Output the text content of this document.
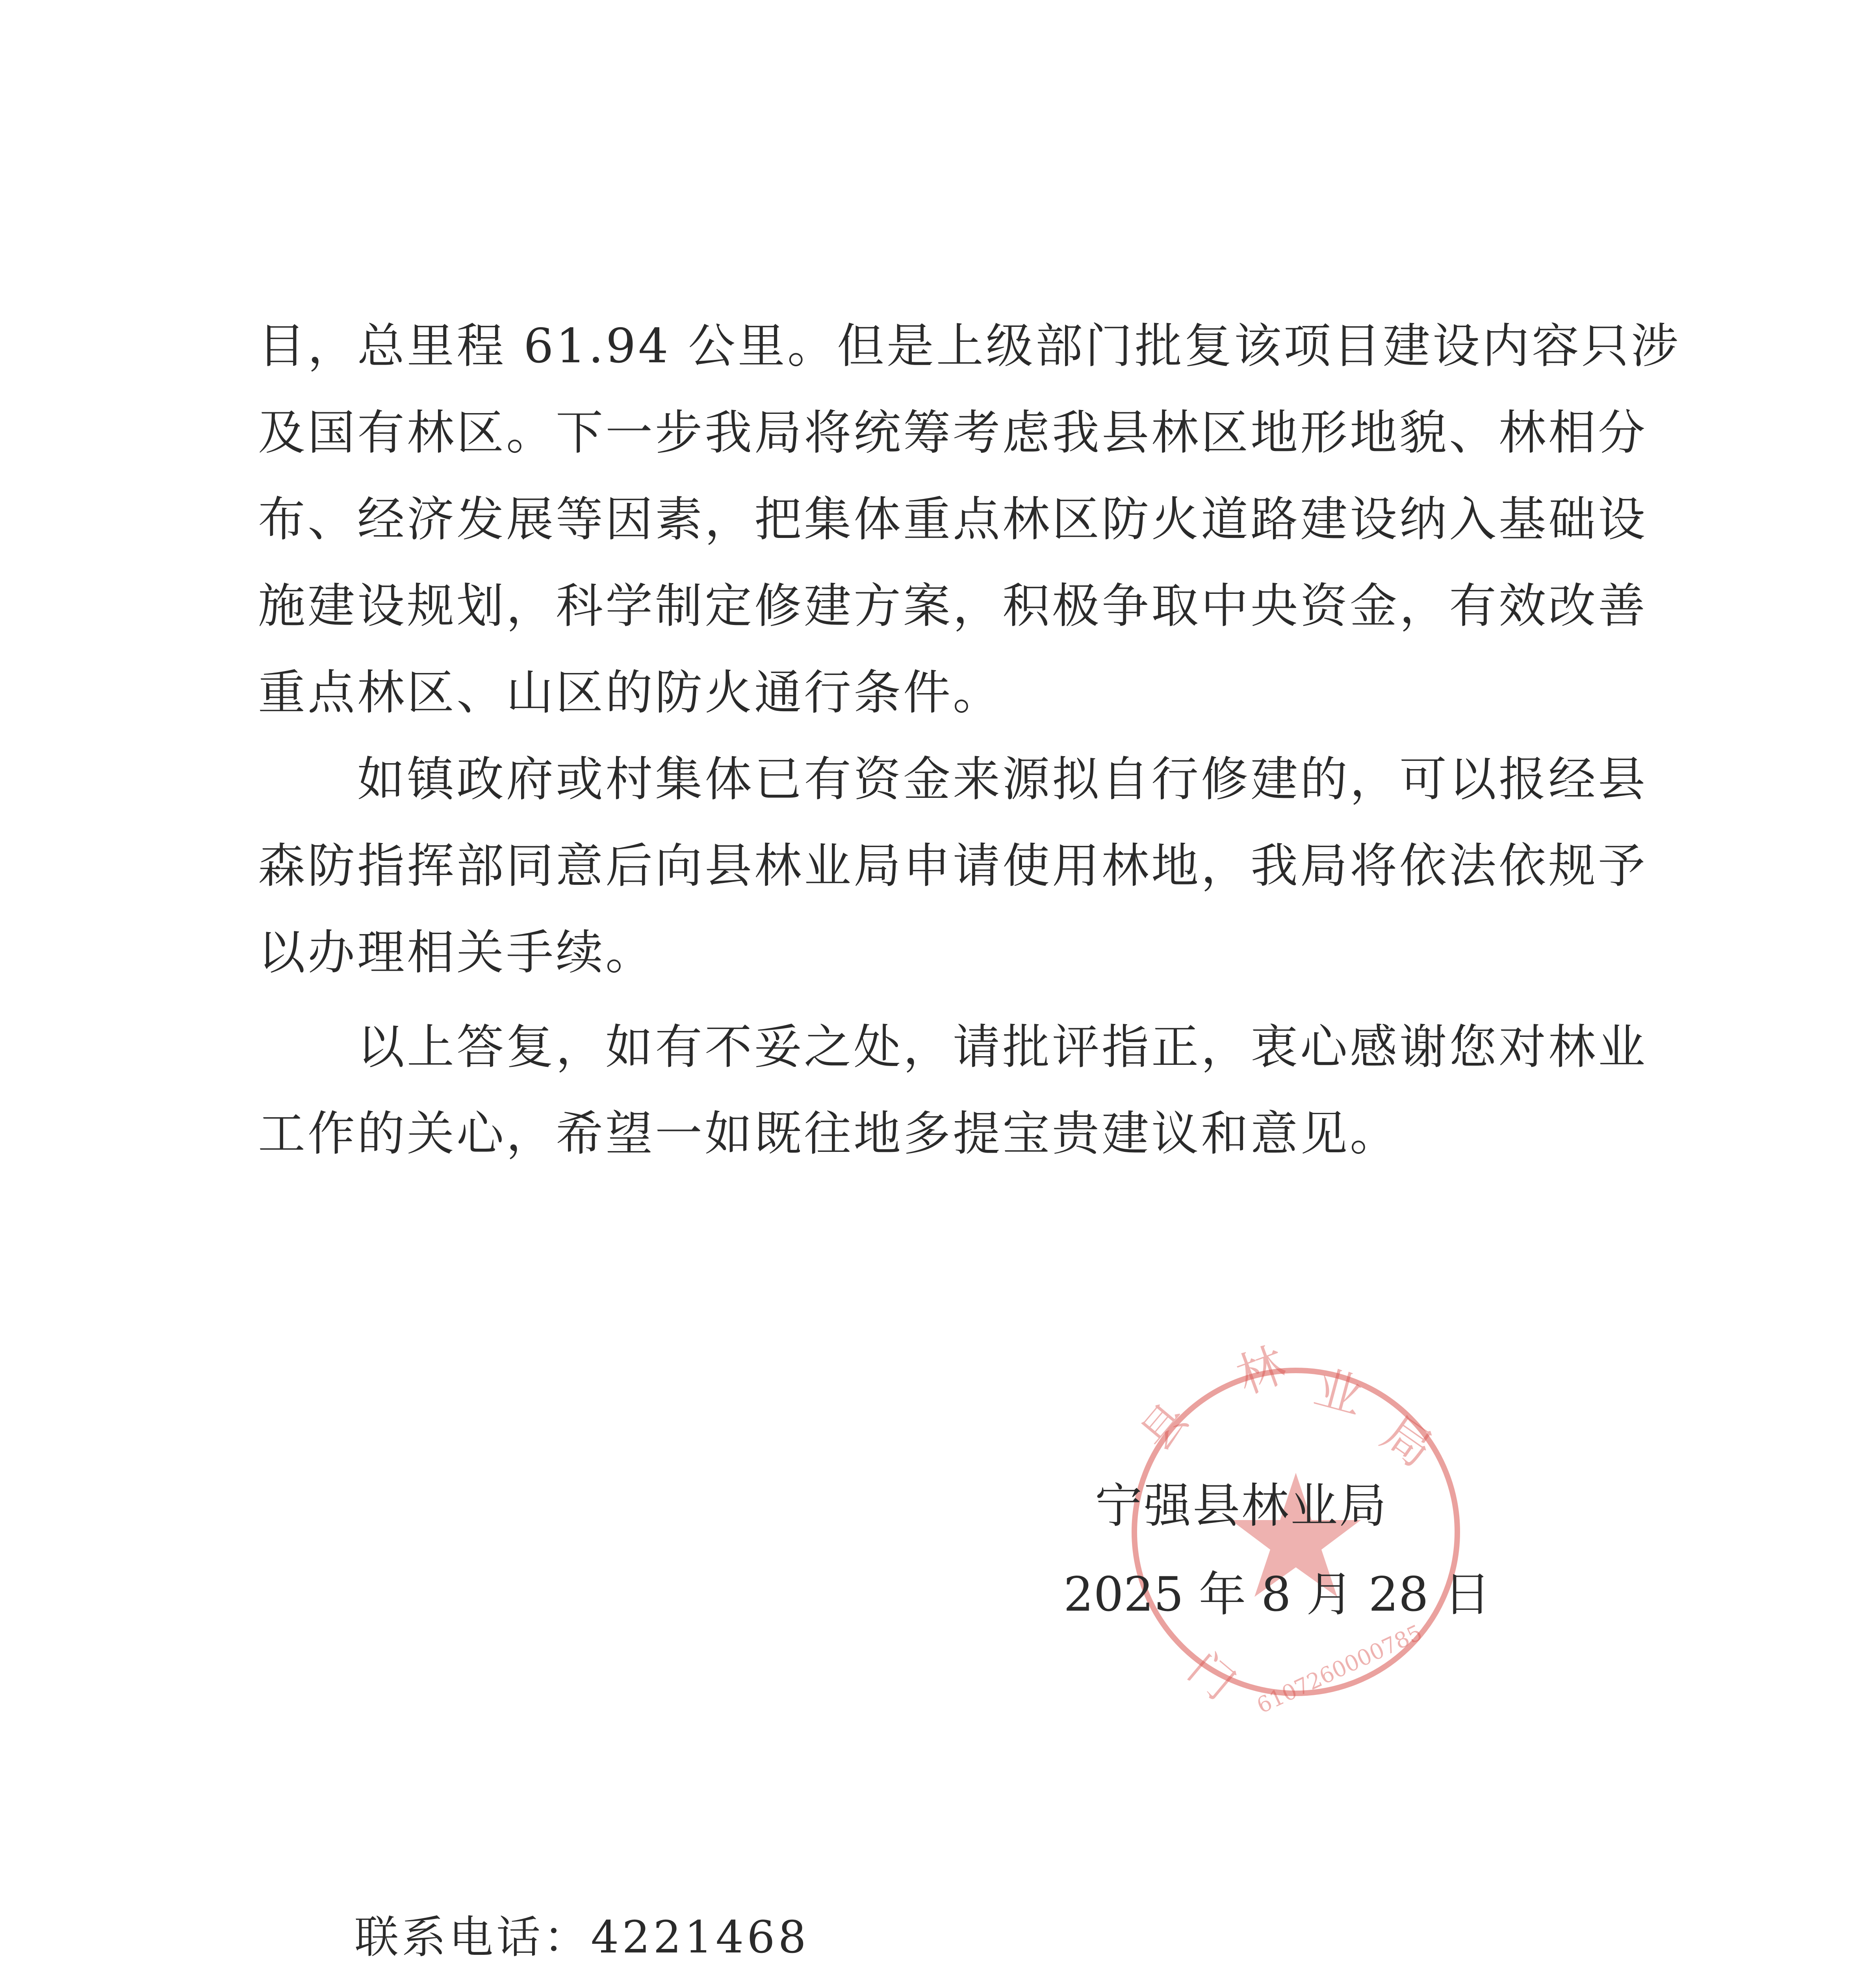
目，总里程 61.94 公里。但是上级部门批复该项目建设内容只涉
及国有林区。下一步我局将统筹考虑我县林区地形地貌、林相分
布、经济发展等因素，把集体重点林区防火道路建设纳入基础设
施建设规划，科学制定修建方案，积极争取中央资金，有效改善
重点林区、山区的防火通行条件。
　　如镇政府或村集体已有资金来源拟自行修建的，可以报经县
森防指挥部同意后向县林业局申请使用林地，我局将依法依规予
以办理相关手续。
　　以上答复，如有不妥之处，请批评指正，衷心感谢您对林业
工作的关心，希望一如既往地多提宝贵建议和意见。
林 业
局
县
门 6107260000785
宁强县林业局
2025 年 8 月 28 日
联系电话：4221468
